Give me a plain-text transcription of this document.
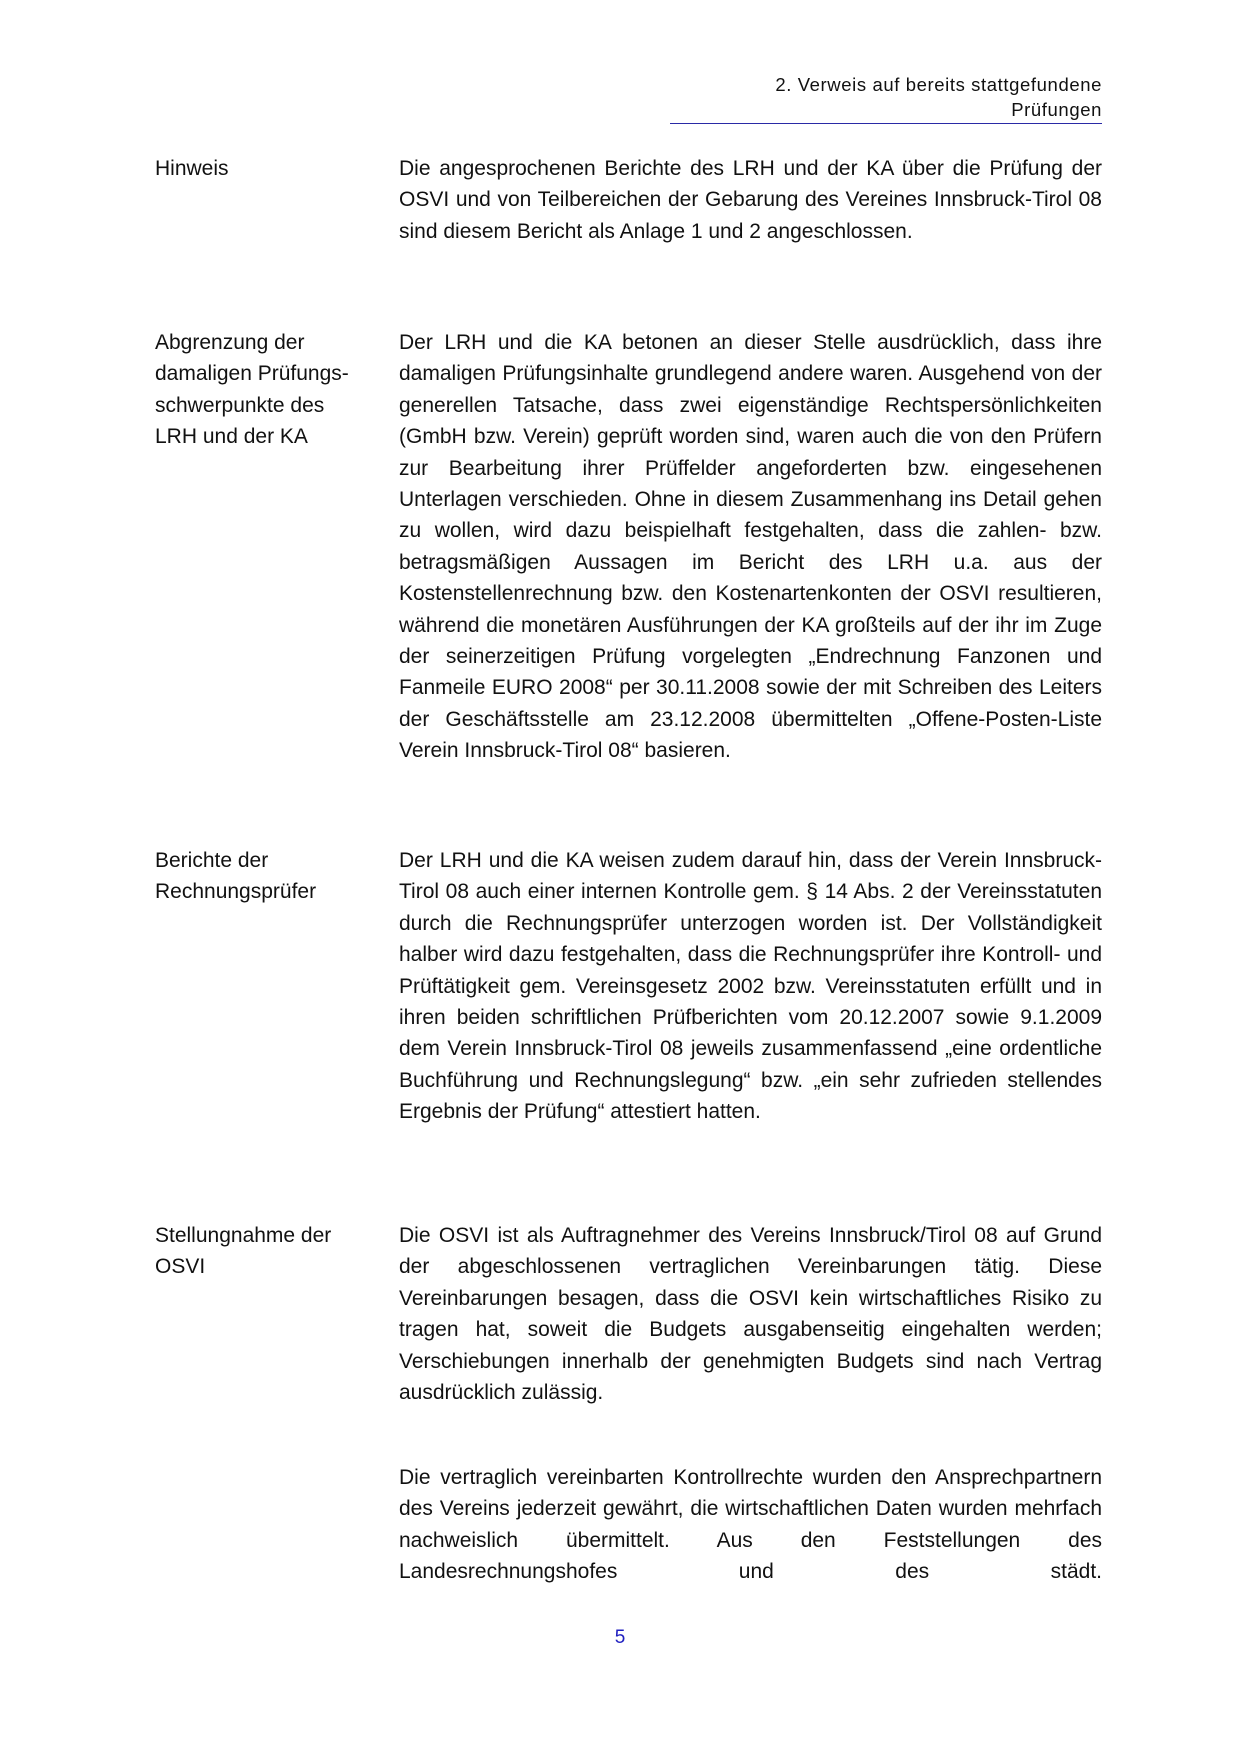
2. Verweis auf bereits stattgefundene
Prüfungen
Hinweis	Die angesprochenen Berichte des LRH und der KA über die Prüfung der OSVI und von Teilbereichen der Gebarung des Vereines Innsbruck-Tirol 08 sind diesem Bericht als Anlage 1 und 2 angeschlossen.

Abgrenzung der damaligen Prüfungsschwerpunkte des LRH und der KA

Der LRH und die KA betonen an dieser Stelle ausdrücklich, dass ihre damaligen Prüfungsinhalte grundlegend andere waren. Ausgehend von der generellen Tatsache, dass zwei eigenständige Rechtspersönlichkeiten (GmbH bzw. Verein) geprüft worden sind, waren auch die von den Prüfern zur Bearbeitung ihrer Prüffelder angeforderten bzw. eingesehenen Unterlagen verschieden. Ohne in diesem Zusammenhang ins Detail gehen zu wollen, wird dazu beispielhaft festgehalten, dass die zahlen- bzw. betragsmäßigen Aussagen im Bericht des LRH u.a. aus der Kostenstellenrechnung bzw. den Kostenartenkonten der OSVI resultieren, während die monetären Ausführungen der KA großteils auf der ihr im Zuge der seinerzeitigen Prüfung vorgelegten „Endrechnung Fanzonen und Fanmeile EURO 2008“ per 30.11.2008 sowie der mit Schreiben des Leiters der Geschäftsstelle am 23.12.2008 übermittelten „Offene-Posten-Liste Verein Innsbruck-Tirol 08“ basieren.

Berichte der Rechnungsprüfer

Der LRH und die KA weisen zudem darauf hin, dass der Verein Innsbruck-Tirol 08 auch einer internen Kontrolle gem. § 14 Abs. 2 der Vereinsstatuten durch die Rechnungsprüfer unterzogen worden ist. Der Vollständigkeit halber wird dazu festgehalten, dass die Rechnungsprüfer ihre Kontroll- und Prüftätigkeit gem. Vereinsgesetz 2002 bzw. Vereinsstatuten erfüllt und in ihren beiden schriftlichen Prüfberichten vom 20.12.2007 sowie 9.1.2009 dem Verein Innsbruck-Tirol 08 jeweils zusammenfassend „eine ordentliche Buchführung und Rechnungslegung“ bzw. „ein sehr zufrieden stellendes Ergebnis der Prüfung“ attestiert hatten.

Stellungnahme der OSVI

Die OSVI ist als Auftragnehmer des Vereins Innsbruck/Tirol 08 auf Grund der abgeschlossenen vertraglichen Vereinbarungen tätig. Diese Vereinbarungen besagen, dass die OSVI kein wirtschaftliches Risiko zu tragen hat, soweit die Budgets ausgabenseitig eingehalten werden; Verschiebungen innerhalb der genehmigten Budgets sind nach Vertrag ausdrücklich zulässig.

Die vertraglich vereinbarten Kontrollrechte wurden den Ansprechpartnern des Vereins jederzeit gewährt, die wirtschaftlichen Daten wurden mehrfach nachweislich übermittelt. Aus den Feststellungen des Landesrechnungshofes und des städt.

5
